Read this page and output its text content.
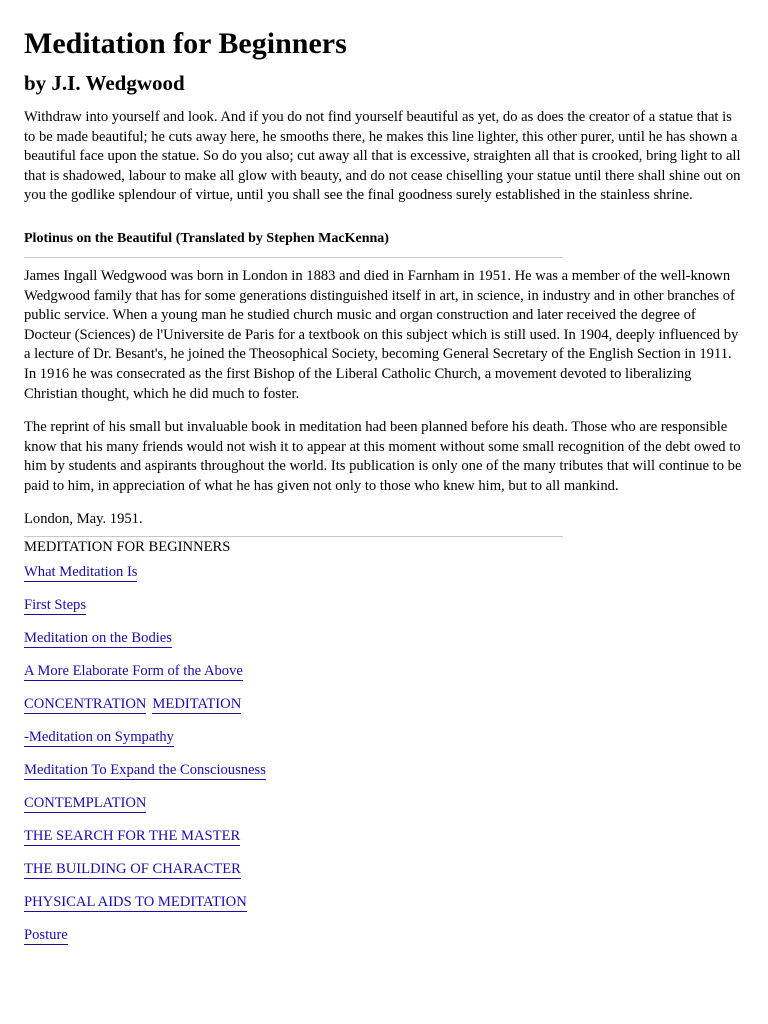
Meditation for Beginners
by J.I. Wedgwood

Withdraw into yourself and look. And if you do not find yourself beautiful as yet, do as does the creator of a statue that is to be made beautiful; he cuts away here, he smooths there, he makes this line lighter, this other purer, until he has shown a beautiful face upon the statue. So do you also; cut away all that is excessive, straighten all that is crooked, bring light to all that is shadowed, labour to make all glow with beauty, and do not cease chiselling your statue until there shall shine out on you the godlike splendour of virtue, until you shall see the final goodness surely established in the stainless shrine.

Plotinus on the Beautiful (Translated by Stephen MacKenna)

James Ingall Wedgwood was born in London in 1883 and died in Farnham in 1951. He was a member of the well-known Wedgwood family that has for some generations distinguished itself in art, in science, in industry and in other branches of public service. When a young man he studied church music and organ construction and later received the degree of Docteur (Sciences) de l'Universite de Paris for a textbook on this subject which is still used. In 1904, deeply influenced by a lecture of Dr. Besant's, he joined the Theosophical Society, becoming General Secretary of the English Section in 1911. In 1916 he was consecrated as the first Bishop of the Liberal Catholic Church, a movement devoted to liberalizing Christian thought, which he did much to foster.

The reprint of his small but invaluable book in meditation had been planned before his death. Those who are responsible know that his many friends would not wish it to appear at this moment without some small recognition of the debt owed to him by students and aspirants throughout the world. Its publication is only one of the many tributes that will continue to be paid to him, in appreciation of what he has given not only to those who knew him, but to all mankind.

London, May. 1951.

MEDITATION FOR BEGINNERS

What Meditation Is
First Steps
Meditation on the Bodies
A More Elaborate Form of the Above
CONCENTRATION MEDITATION
-Meditation on Sympathy
Meditation To Expand the Consciousness
CONTEMPLATION
THE SEARCH FOR THE MASTER
THE BUILDING OF CHARACTER
PHYSICAL AIDS TO MEDITATION
Posture
